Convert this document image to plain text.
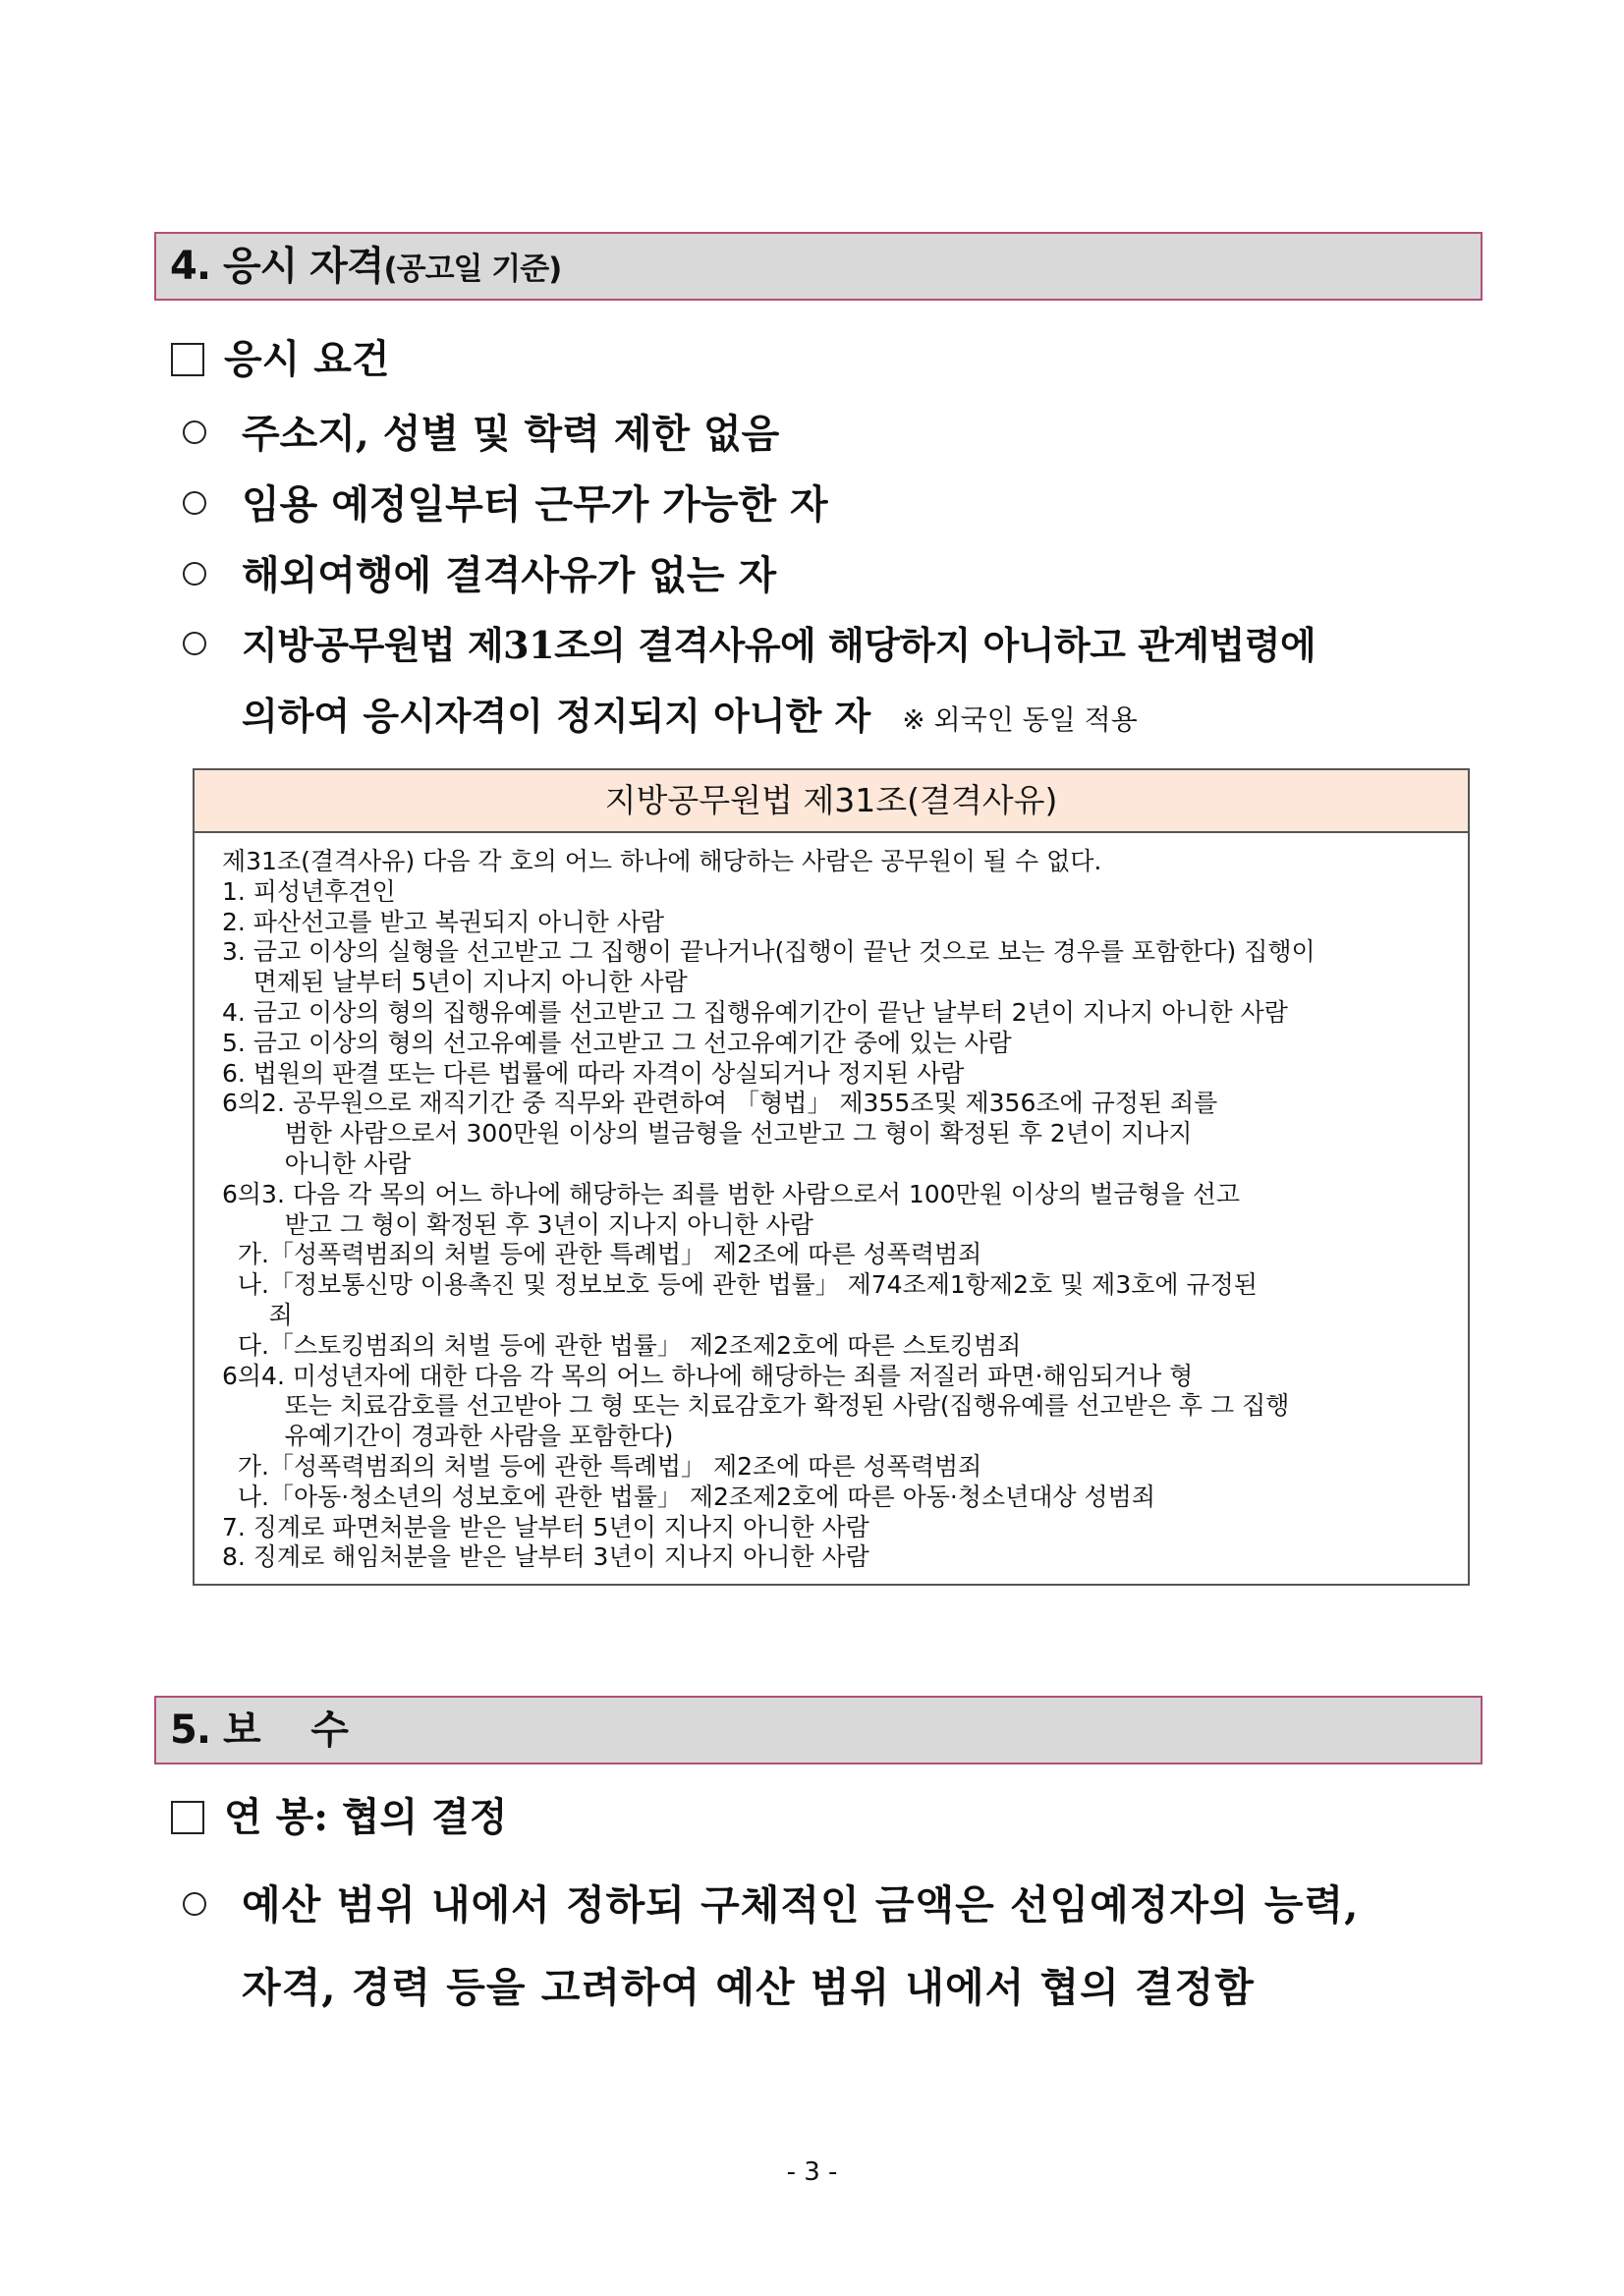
4. 응시 자격(공고일 기준)
응시 요건
주소지, 성별 및 학력 제한 없음
임용 예정일부터 근무가 가능한 자
해외여행에 결격사유가 없는 자
지방공무원법 제31조의 결격사유에 해당하지 아니하고 관계법령에
의하여 응시자격이 정지되지 아니한 자 ※ 외국인 동일 적용
지방공무원법 제31조(결격사유)
제31조(결격사유) 다음 각 호의 어느 하나에 해당하는 사람은 공무원이 될 수 없다.
1. 피성년후견인
2. 파산선고를 받고 복권되지 아니한 사람
3. 금고 이상의 실형을 선고받고 그 집행이 끝나거나(집행이 끝난 것으로 보는 경우를 포함한다) 집행이
면제된 날부터 5년이 지나지 아니한 사람
4. 금고 이상의 형의 집행유예를 선고받고 그 집행유예기간이 끝난 날부터 2년이 지나지 아니한 사람
5. 금고 이상의 형의 선고유예를 선고받고 그 선고유예기간 중에 있는 사람
6. 법원의 판결 또는 다른 법률에 따라 자격이 상실되거나 정지된 사람
6의2. 공무원으로 재직기간 중 직무와 관련하여 「형법」 제355조및 제356조에 규정된 죄를
범한 사람으로서 300만원 이상의 벌금형을 선고받고 그 형이 확정된 후 2년이 지나지
아니한 사람
6의3. 다음 각 목의 어느 하나에 해당하는 죄를 범한 사람으로서 100만원 이상의 벌금형을 선고
받고 그 형이 확정된 후 3년이 지나지 아니한 사람
가.「성폭력범죄의 처벌 등에 관한 특례법」 제2조에 따른 성폭력범죄
나.「정보통신망 이용촉진 및 정보보호 등에 관한 법률」 제74조제1항제2호 및 제3호에 규정된
죄
다.「스토킹범죄의 처벌 등에 관한 법률」 제2조제2호에 따른 스토킹범죄
6의4. 미성년자에 대한 다음 각 목의 어느 하나에 해당하는 죄를 저질러 파면·해임되거나 형
또는 치료감호를 선고받아 그 형 또는 치료감호가 확정된 사람(집행유예를 선고받은 후 그 집행
유예기간이 경과한 사람을 포함한다)
가.「성폭력범죄의 처벌 등에 관한 특례법」 제2조에 따른 성폭력범죄
나.「아동·청소년의 성보호에 관한 법률」 제2조제2호에 따른 아동·청소년대상 성범죄
7. 징계로 파면처분을 받은 날부터 5년이 지나지 아니한 사람
8. 징계로 해임처분을 받은 날부터 3년이 지나지 아니한 사람
5. 보    수
연 봉: 협의 결정
예산 범위 내에서 정하되 구체적인 금액은 선임예정자의 능력,
자격, 경력 등을 고려하여 예산 범위 내에서 협의 결정함
- 3 -
